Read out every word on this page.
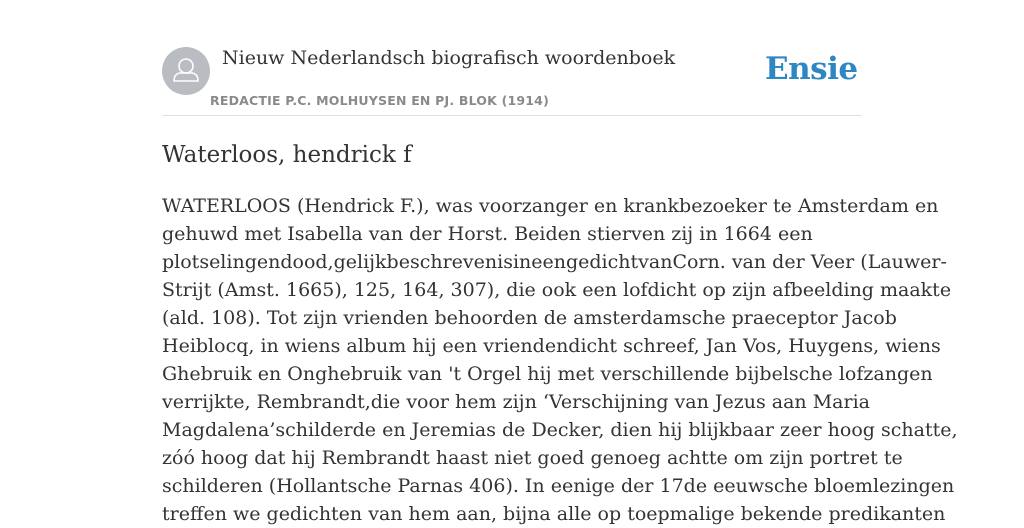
Nieuw Nederlandsch biografisch woordenboek
REDACTIE P.C. MOLHUYSEN EN PJ. BLOK (1914)
Ensie
Waterloos, hendrick f
WATERLOOS (Hendrick F.), was voorzanger en krankbezoeker te Amsterdam en
gehuwd met Isabella van der Horst. Beiden stierven zij in 1664 een
plotselingendood,gelijkbeschrevenisineengedichtvanCorn. van der Veer (Lauwer-
Strijt (Amst. 1665), 125, 164, 307), die ook een lofdicht op zijn afbeelding maakte
(ald. 108). Tot zijn vrienden behoorden de amsterdamsche praeceptor Jacob
Heiblocq, in wiens album hij een vriendendicht schreef, Jan Vos, Huygens, wiens
Ghebruik en Onghebruik van 't Orgel hij met verschillende bijbelsche lofzangen
verrijkte, Rembrandt,die voor hem zijn ‘Verschijning van Jezus aan Maria
Magdalena’schilderde en Jeremias de Decker, dien hij blijkbaar zeer hoog schatte,
zóó hoog dat hij Rembrandt haast niet goed genoeg achtte om zijn portret te
schilderen (Hollantsche Parnas 406). In eenige der 17de eeuwsche bloemlezingen
treffen we gedichten van hem aan, bijna alle op toepmalige bekende predikanten
